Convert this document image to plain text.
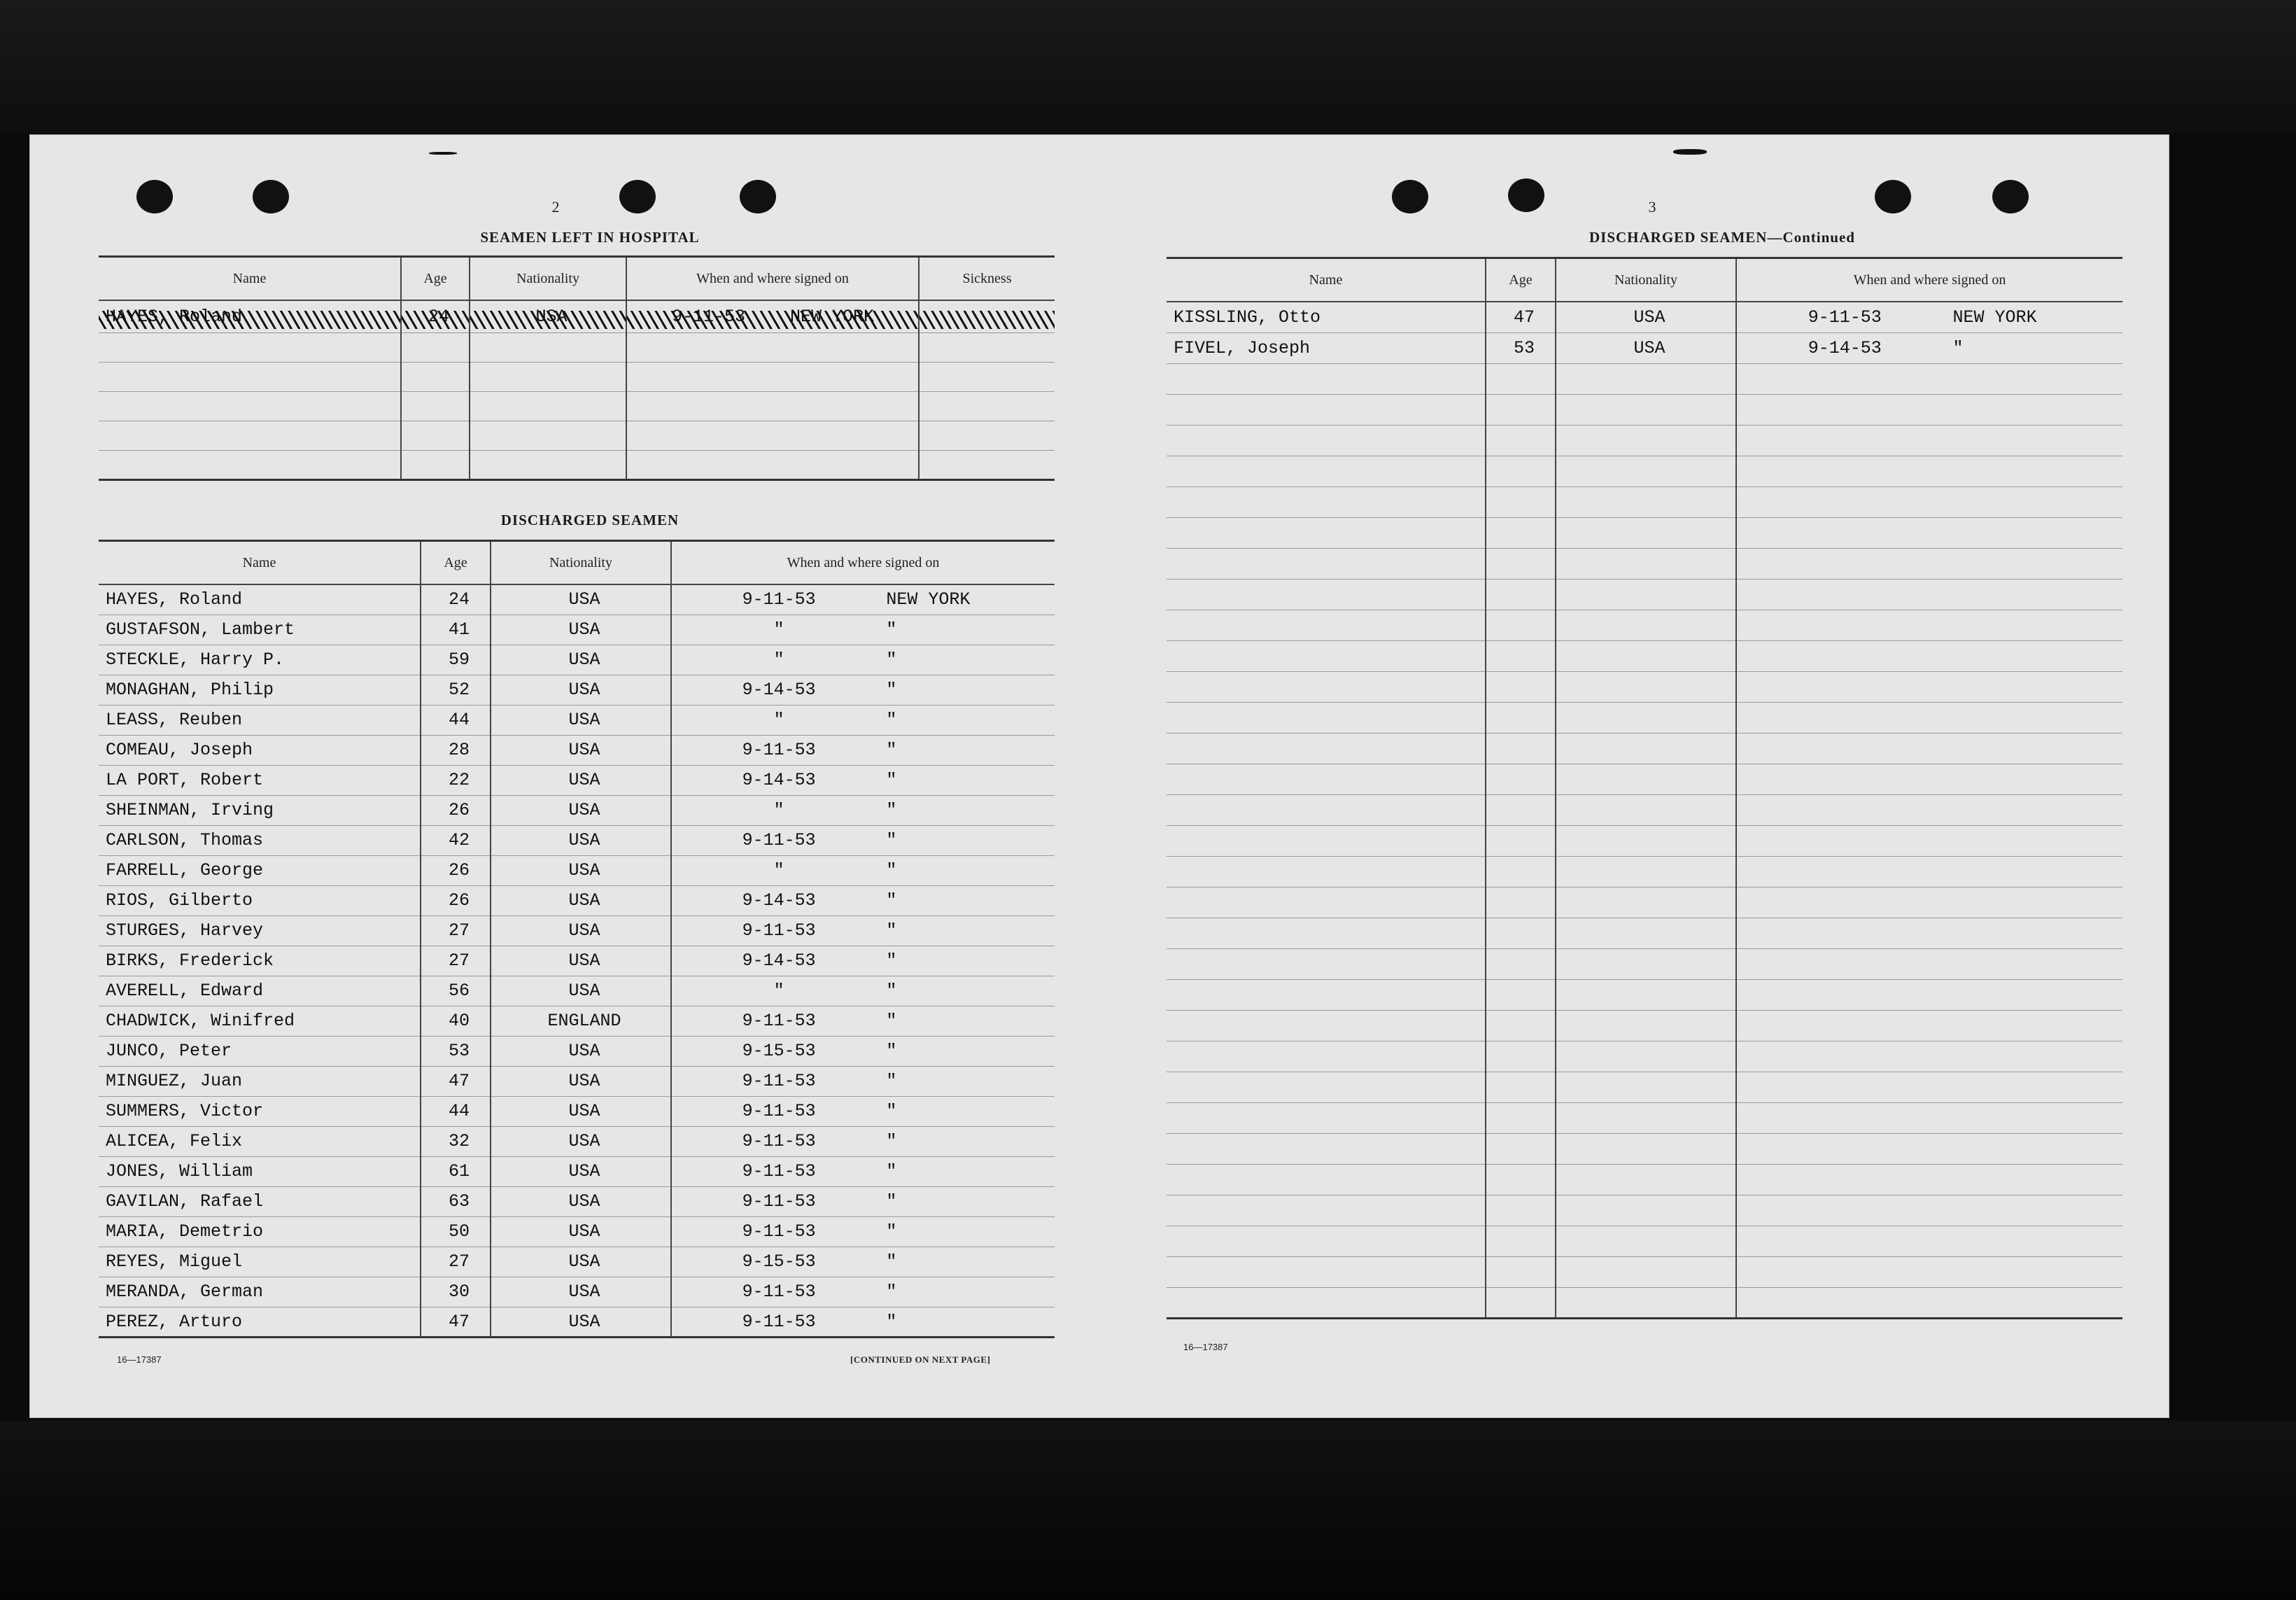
2
SEAMEN LEFT IN HOSPITAL
Name	Age	Nationality	When and where signed on	Sickness
HAYES, Roland	24	USA	9-11-53 NEW YORK	

DISCHARGED SEAMEN
Name	Age	Nationality	When and where signed on
HAYES, Roland	24	USA	9-11-53 NEW YORK

GUSTAFSON, Lambert	41	USA	" "

STECKLE, Harry P.	59	USA	" "

MONAGHAN, Philip	52	USA	9-14-53 "

LEASS, Reuben	44	USA	" "

COMEAU, Joseph	28	USA	9-11-53 "

LA PORT, Robert	22	USA	9-14-53 "

SHEINMAN, Irving	26	USA	" "

CARLSON, Thomas	42	USA	9-11-53 "

FARRELL, George	26	USA	" "

RIOS, Gilberto	26	USA	9-14-53 "

STURGES, Harvey	27	USA	9-11-53 "

BIRKS, Frederick	27	USA	9-14-53 "

AVERELL, Edward	56	USA	" "

CHADWICK, Winifred	40	ENGLAND	9-11-53 "

JUNCO, Peter	53	USA	9-15-53 "

MINGUEZ, Juan	47	USA	9-11-53 "

SUMMERS, Victor	44	USA	9-11-53 "

ALICEA, Felix	32	USA	9-11-53 "

JONES, William	61	USA	9-11-53 "

GAVILAN, Rafael	63	USA	9-11-53 "

MARIA, Demetrio	50	USA	9-11-53 "

REYES, Miguel	27	USA	9-15-53 "

MERANDA, German	30	USA	9-11-53 "

PEREZ, Arturo	47	USA	9-11-53 "
16—17387	[CONTINUED ON NEXT PAGE]
3
DISCHARGED SEAMEN—Continued
Name	Age	Nationality	When and where signed on
KISSLING, Otto	47	USA	9-11-53 NEW YORK

FIVEL, Joseph	53	USA	9-14-53 "

16—17387
